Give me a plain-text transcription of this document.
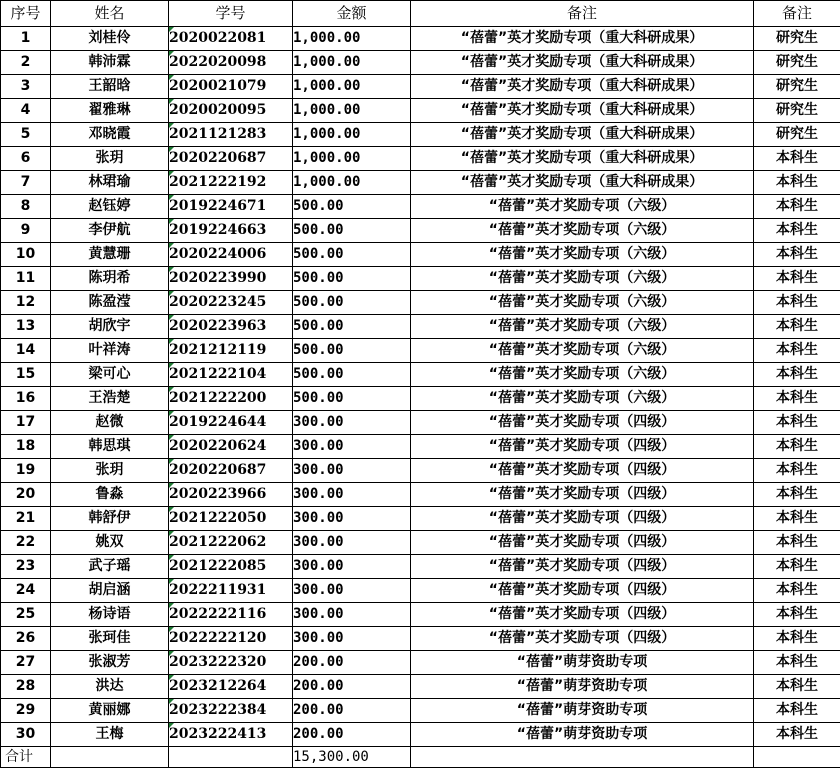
序号	姓名	学号	金额	备注	备注
1	刘桂伶	2020022081	1,000.00	“蓓蕾”英才奖励专项（重大科研成果）	研究生
2	韩沛霖	2022020098	1,000.00	“蓓蕾”英才奖励专项（重大科研成果）	研究生
3	王韶晗	2020021079	1,000.00	“蓓蕾”英才奖励专项（重大科研成果）	研究生
4	翟雅琳	2020020095	1,000.00	“蓓蕾”英才奖励专项（重大科研成果）	研究生
5	邓晓霞	2021121283	1,000.00	“蓓蕾”英才奖励专项（重大科研成果）	研究生
6	张玥	2020220687	1,000.00	“蓓蕾”英才奖励专项（重大科研成果）	本科生
7	林珺瑜	2021222192	1,000.00	“蓓蕾”英才奖励专项（重大科研成果）	本科生
8	赵钰婷	2019224671	500.00	“蓓蕾”英才奖励专项（六级）	本科生
9	李伊航	2019224663	500.00	“蓓蕾”英才奖励专项（六级）	本科生
10	黄慧珊	2020224006	500.00	“蓓蕾”英才奖励专项（六级）	本科生
11	陈玥希	2020223990	500.00	“蓓蕾”英才奖励专项（六级）	本科生
12	陈盈滢	2020223245	500.00	“蓓蕾”英才奖励专项（六级）	本科生
13	胡欣宇	2020223963	500.00	“蓓蕾”英才奖励专项（六级）	本科生
14	叶祥涛	2021212119	500.00	“蓓蕾”英才奖励专项（六级）	本科生
15	梁可心	2021222104	500.00	“蓓蕾”英才奖励专项（六级）	本科生
16	王浩楚	2021222200	500.00	“蓓蕾”英才奖励专项（六级）	本科生
17	赵微	2019224644	300.00	“蓓蕾”英才奖励专项（四级）	本科生
18	韩思琪	2020220624	300.00	“蓓蕾”英才奖励专项（四级）	本科生
19	张玥	2020220687	300.00	“蓓蕾”英才奖励专项（四级）	本科生
20	鲁淼	2020223966	300.00	“蓓蕾”英才奖励专项（四级）	本科生
21	韩舒伊	2021222050	300.00	“蓓蕾”英才奖励专项（四级）	本科生
22	姚双	2021222062	300.00	“蓓蕾”英才奖励专项（四级）	本科生
23	武子瑶	2021222085	300.00	“蓓蕾”英才奖励专项（四级）	本科生
24	胡启涵	2022211931	300.00	“蓓蕾”英才奖励专项（四级）	本科生
25	杨诗语	2022222116	300.00	“蓓蕾”英才奖励专项（四级）	本科生
26	张珂佳	2022222120	300.00	“蓓蕾”英才奖励专项（四级）	本科生
27	张淑芳	2023222320	200.00	“蓓蕾”萌芽资助专项	本科生
28	洪达	2023212264	200.00	“蓓蕾”萌芽资助专项	本科生
29	黄丽娜	2023222384	200.00	“蓓蕾”萌芽资助专项	本科生
30	王梅	2023222413	200.00	“蓓蕾”萌芽资助专项	本科生
合计			15,300.00		
